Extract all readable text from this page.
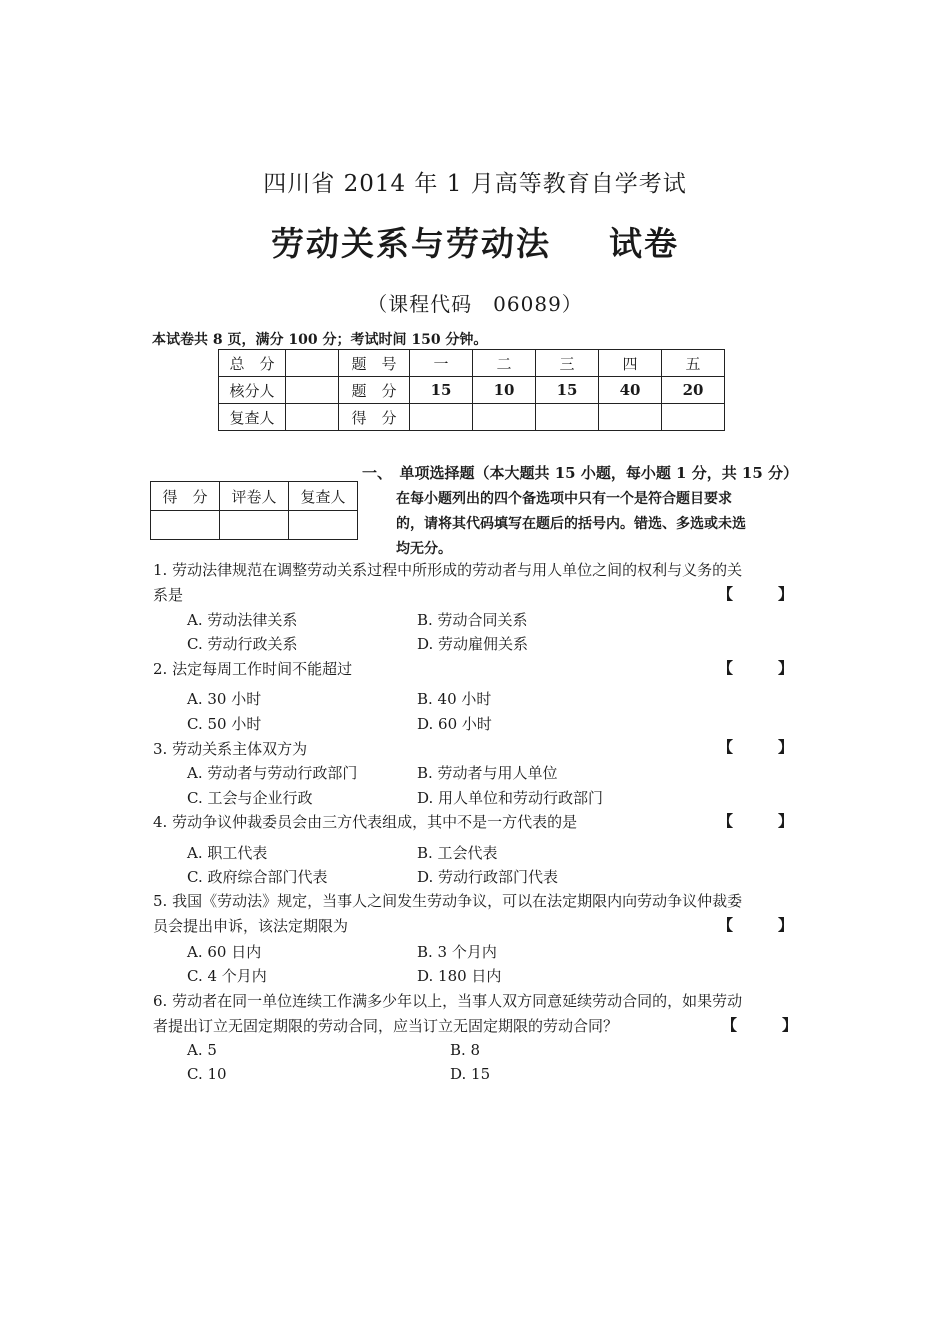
四川省 2014 年 1 月高等教育自学考试
劳动关系与劳动法 试卷
（课程代码　06089）
本试卷共 8 页，满分 100 分；考试时间 150 分钟。
总　分		题　号	一	二	三	四	五
核分人		题　分	15	10	15	40	20
复查人		得　分					
一、　单项选择题（本大题共 15 小题，每小题 1 分，共 15 分）
在每小题列出的四个备选项中只有一个是符合题目要求
的，请将其代码填写在题后的括号内。错选、多选或未选
均无分。
得　分	评卷人	复查人

1. 劳动法律规范在调整劳动关系过程中所形成的劳动者与用人单位之间的权利与义务的关
系是	【　　　】
A. 劳动法律关系	B. 劳动合同关系
C. 劳动行政关系	D. 劳动雇佣关系
2. 法定每周工作时间不能超过	【　　　】
A. 30 小时	B. 40 小时
C. 50 小时	D. 60 小时
3. 劳动关系主体双方为	【　　　】
A. 劳动者与劳动行政部门	B. 劳动者与用人单位
C. 工会与企业行政	D. 用人单位和劳动行政部门
4. 劳动争议仲裁委员会由三方代表组成，其中不是一方代表的是	【　　　】
A. 职工代表	B. 工会代表
C. 政府综合部门代表	D. 劳动行政部门代表
5. 我国《劳动法》规定，当事人之间发生劳动争议，可以在法定期限内向劳动争议仲裁委
员会提出申诉，该法定期限为	【　　　】
A. 60 日内	B. 3 个月内
C. 4 个月内	D. 180 日内
6. 劳动者在同一单位连续工作满多少年以上，当事人双方同意延续劳动合同的，如果劳动
者提出订立无固定期限的劳动合同，应当订立无固定期限的劳动合同？	【　　　】
A. 5	B. 8
C. 10	D. 15
